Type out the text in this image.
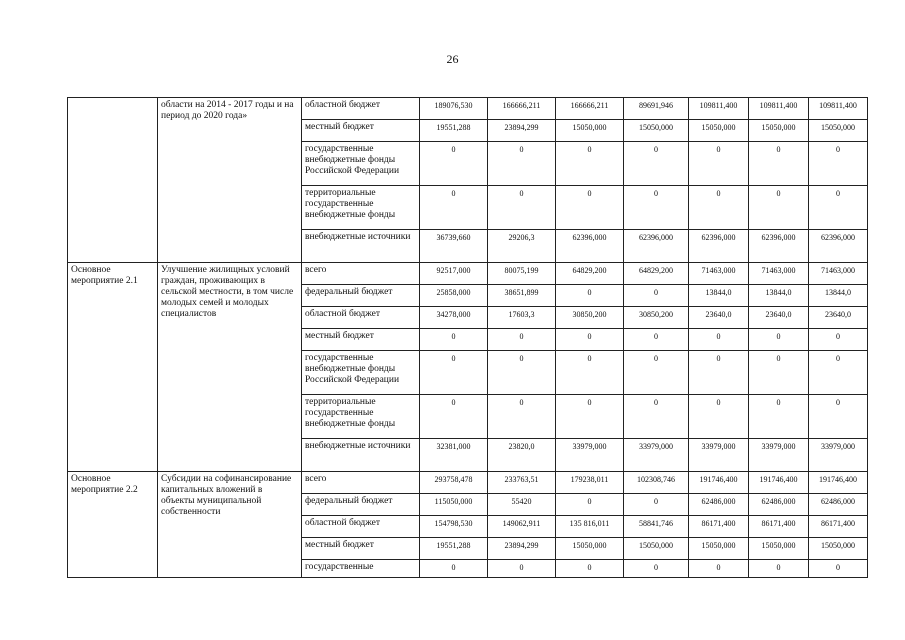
26
	области на 2014 - 2017 годы и на период до 2020 года»	областной бюджет	189076,530	166666,211	166666,211	89691,946	109811,400	109811,400	109811,400
		местный бюджет	19551,288	23894,299	15050,000	15050,000	15050,000	15050,000	15050,000
		государственные внебюджетные фонды Российской Федерации	0	0	0	0	0	0	0
		территориальные государственные внебюджетные фонды	0	0	0	0	0	0	0
		внебюджетные источники	36739,660	29206,3	62396,000	62396,000	62396,000	62396,000	62396,000
Основное мероприятие 2.1	Улучшение жилищных условий граждан, проживающих в сельской местности, в том числе молодых семей и молодых специалистов	всего	92517,000	80075,199	64829,200	64829,200	71463,000	71463,000	71463,000
		федеральный бюджет	25858,000	38651,899	0	0	13844,0	13844,0	13844,0
		областной бюджет	34278,000	17603,3	30850,200	30850,200	23640,0	23640,0	23640,0
		местный бюджет	0	0	0	0	0	0	0
		государственные внебюджетные фонды Российской Федерации	0	0	0	0	0	0	0
		территориальные государственные внебюджетные фонды	0	0	0	0	0	0	0
		внебюджетные источники	32381,000	23820,0	33979,000	33979,000	33979,000	33979,000	33979,000
Основное мероприятие 2.2	Субсидии на софинансирование капитальных вложений в объекты муниципальной собственности	всего	293758,478	233763,51	179238,011	102308,746	191746,400	191746,400	191746,400
		федеральный бюджет	115050,000	55420	0	0	62486,000	62486,000	62486,000
		областной бюджет	154798,530	149062,911	135 816,011	58841,746	86171,400	86171,400	86171,400
		местный бюджет	19551,288	23894,299	15050,000	15050,000	15050,000	15050,000	15050,000
		государственные	0	0	0	0	0	0	0
